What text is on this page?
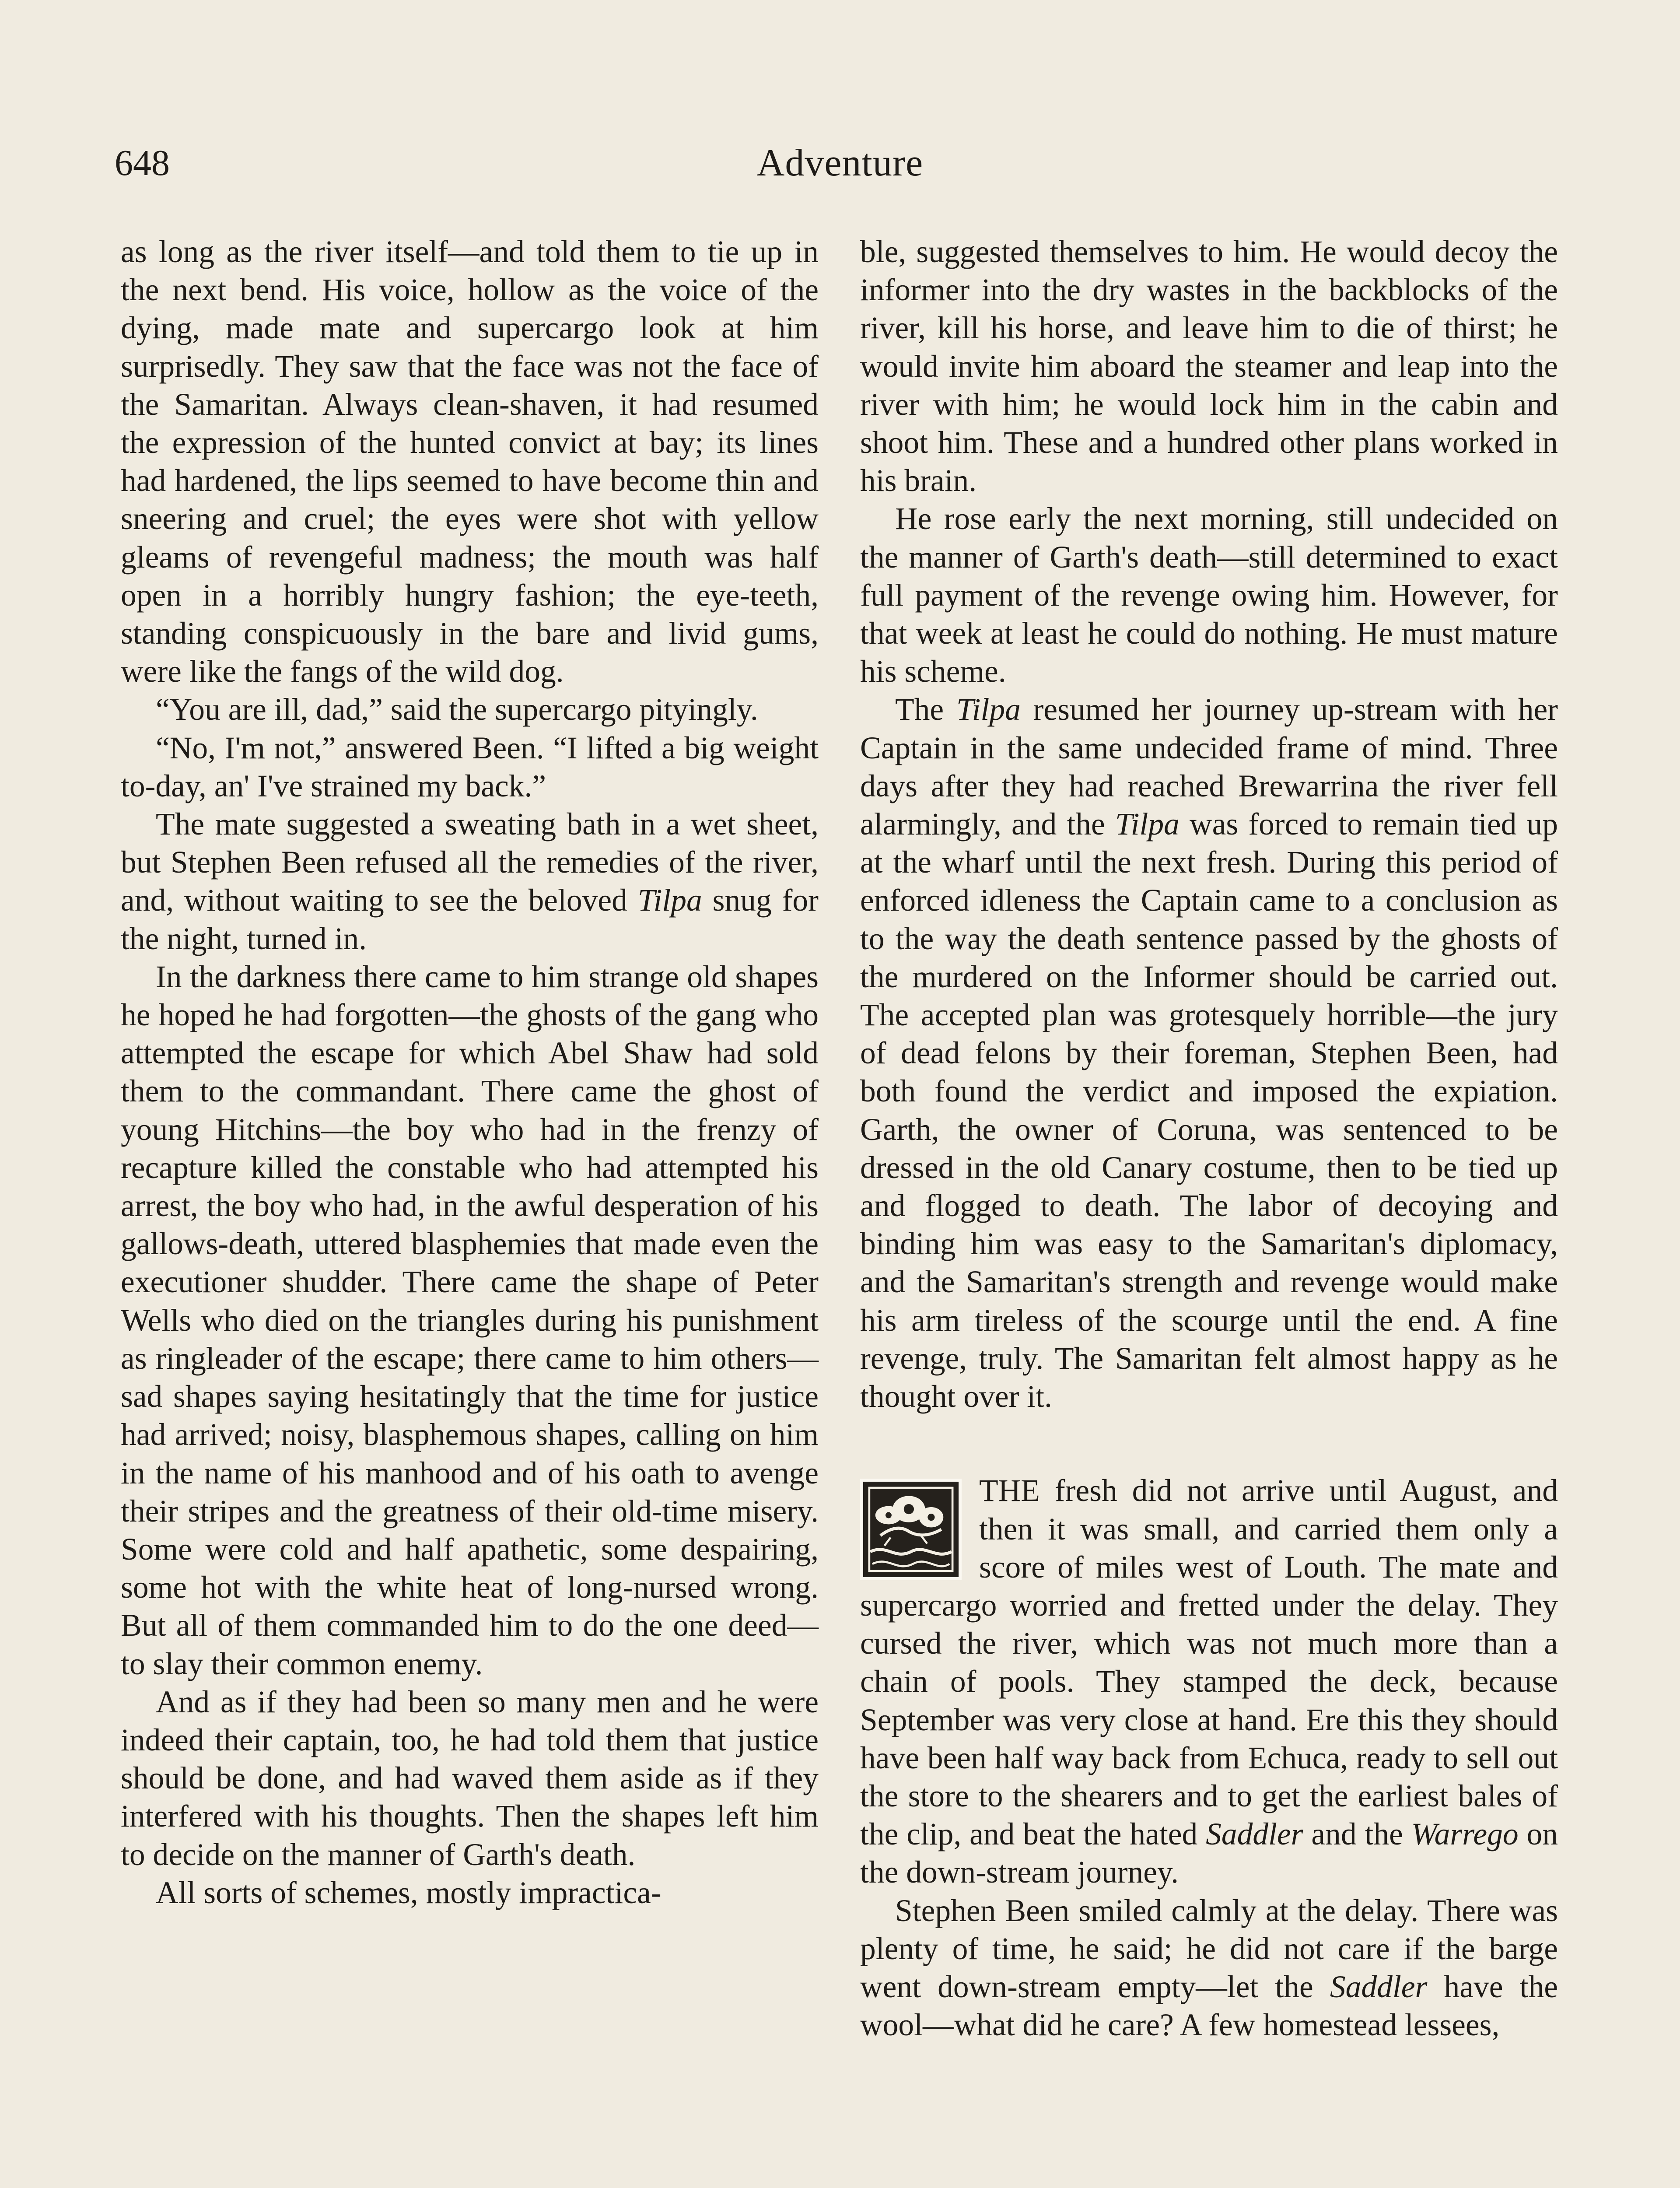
648	Adventure

as long as the river itself—and told them to tie up in the next bend. His voice, hollow as the voice of the dying, made mate and supercargo look at him surprisedly. They saw that the face was not the face of the Samaritan. Always clean-shaven, it had resumed the expression of the hunted convict at bay; its lines had hardened, the lips seemed to have become thin and sneering and cruel; the eyes were shot with yellow gleams of revengeful madness; the mouth was half open in a horribly hungry fashion; the eye-teeth, standing conspicuously in the bare and livid gums, were like the fangs of the wild dog.

“You are ill, dad,” said the supercargo pityingly.

“No, I'm not,” answered Been. “I lifted a big weight to-day, an' I've strained my back.”

The mate suggested a sweating bath in a wet sheet, but Stephen Been refused all the remedies of the river, and, without waiting to see the beloved Tilpa snug for the night, turned in.

In the darkness there came to him strange old shapes he hoped he had forgotten—the ghosts of the gang who attempted the escape for which Abel Shaw had sold them to the commandant. There came the ghost of young Hitchins—the boy who had in the frenzy of recapture killed the constable who had attempted his arrest, the boy who had, in the awful desperation of his gallows-death, uttered blasphemies that made even the executioner shudder. There came the shape of Peter Wells who died on the triangles during his punishment as ringleader of the escape; there came to him others—sad shapes saying hesitatingly that the time for justice had arrived; noisy, blasphemous shapes, calling on him in the name of his manhood and of his oath to avenge their stripes and the greatness of their old-time misery. Some were cold and half apathetic, some despairing, some hot with the white heat of long-nursed wrong. But all of them commanded him to do the one deed—to slay their common enemy.

And as if they had been so many men and he were indeed their captain, too, he had told them that justice should be done, and had waved them aside as if they interfered with his thoughts. Then the shapes left him to decide on the manner of Garth's death.

All sorts of schemes, mostly impractica-

ble, suggested themselves to him. He would decoy the informer into the dry wastes in the backblocks of the river, kill his horse, and leave him to die of thirst; he would invite him aboard the steamer and leap into the river with him; he would lock him in the cabin and shoot him. These and a hundred other plans worked in his brain.

He rose early the next morning, still undecided on the manner of Garth's death—still determined to exact full payment of the revenge owing him. However, for that week at least he could do nothing. He must mature his scheme.

The Tilpa resumed her journey up-stream with her Captain in the same undecided frame of mind. Three days after they had reached Brewarrina the river fell alarmingly, and the Tilpa was forced to remain tied up at the wharf until the next fresh. During this period of enforced idleness the Captain came to a conclusion as to the way the death sentence passed by the ghosts of the murdered on the Informer should be carried out. The accepted plan was grotesquely horrible—the jury of dead felons by their foreman, Stephen Been, had both found the verdict and imposed the expiation. Garth, the owner of Coruna, was sentenced to be dressed in the old Canary costume, then to be tied up and flogged to death. The labor of decoying and binding him was easy to the Samaritan's diplomacy, and the Samaritan's strength and revenge would make his arm tireless of the scourge until the end. A fine revenge, truly. The Samaritan felt almost happy as he thought over it.

THE fresh did not arrive until August, and then it was small, and carried them only a score of miles west of Louth. The mate and supercargo worried and fretted under the delay. They cursed the river, which was not much more than a chain of pools. They stamped the deck, because September was very close at hand. Ere this they should have been half way back from Echuca, ready to sell out the store to the shearers and to get the earliest bales of the clip, and beat the hated Saddler and the Warrego on the down-stream journey.

Stephen Been smiled calmly at the delay. There was plenty of time, he said; he did not care if the barge went down-stream empty—let the Saddler have the wool—what did he care? A few homestead lessees,
